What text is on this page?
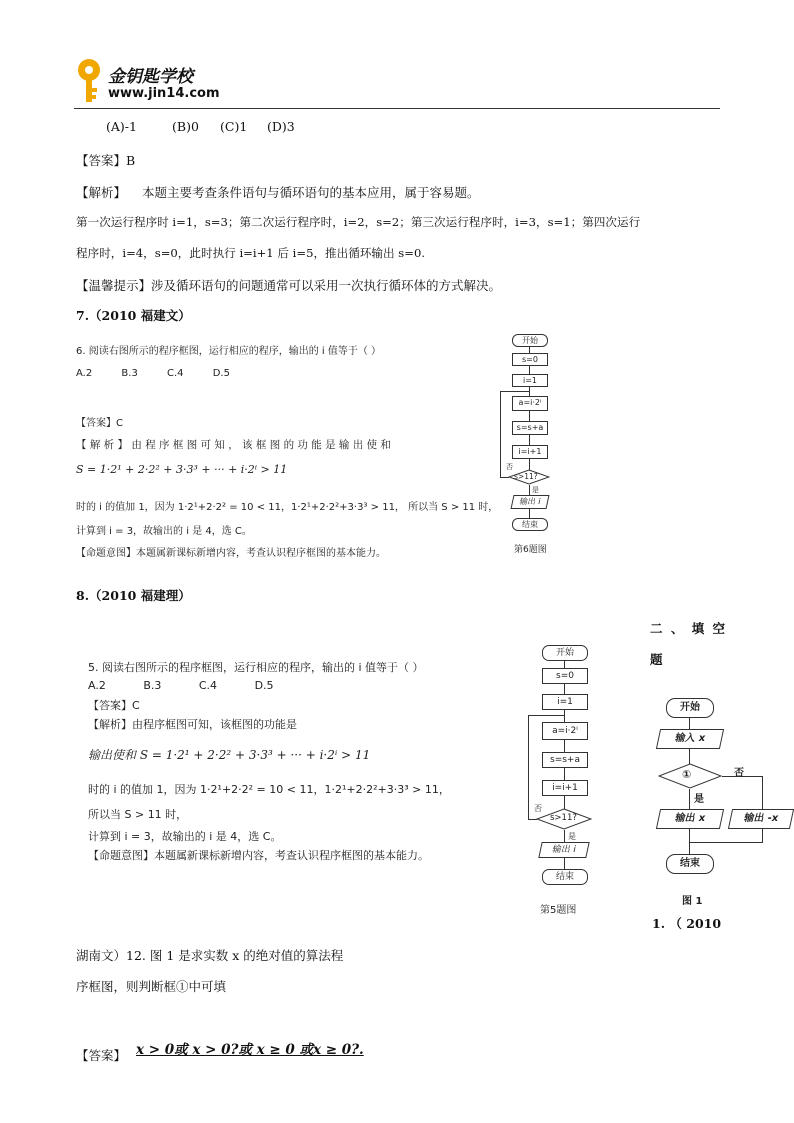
金钥匙学校
www.jin14.com
(A)-1	(B)0 (C)1 (D)3
【答案】B
【解析】 本题主要考查条件语句与循环语句的基本应用，属于容易题。
第一次运行程序时 i=1，s=3；第二次运行程序时，i=2，s=2；第三次运行程序时，i=3，s=1；第四次运行
程序时，i=4，s=0，此时执行 i=i+1 后 i=5，推出循环输出 s=0.
【温馨提示】涉及循环语句的问题通常可以采用一次执行循环体的方式解决。
7.（2010 福建文）
6. 阅读右图所示的程序框图，运行相应的程序，输出的 i 值等于（ ）
A.2	B.3	C.4	D.5
【答案】C
【 解 析 】 由 程 序 框 图 可 知 ， 该 框 图 的 功 能 是 输 出 使 和
S = 1·2¹ + 2·2² + 3·3³ + ··· + i·2ⁱ > 11
时的 i 的值加 1，因为 1·2¹+2·2² = 10 < 11，1·2¹+2·2²+3·3³ > 11， 所以当 S > 11 时，
计算到 i = 3，故输出的 i 是 4，选 C。
【命题意图】本题属新课标新增内容，考查认识程序框图的基本能力。
开始
s=0
i=1
a=i·2ⁱ
s=s+a
i=i+1
s>11?
否
是
输出 i
结束
第6题图
8.（2010 福建理）
5. 阅读右图所示的程序框图，运行相应的程序，输出的 i 值等于（ ）
A.2	B.3	C.4	D.5
【答案】C
【解析】由程序框图可知，该框图的功能是
输出使和 S = 1·2¹ + 2·2² + 3·3³ + ··· + i·2ⁱ > 11
时的 i 的值加 1，因为 1·2¹+2·2² = 10 < 11，1·2¹+2·2²+3·3³ > 11，
所以当 S > 11 时，
计算到 i = 3，故输出的 i 是 4，选 C。
【命题意图】本题属新课标新增内容，考查认识程序框图的基本能力。
开始
s=0
i=1
a=i·2ⁱ
s=s+a
i=i+1
s>11?
否
是
输出 i
结束
第5题图
二 、 填 空
题
开始
输入 x
①	否
是
输出 x	输出 -x
结束
图 1
1. （ 2010
湖南文）12. 图 1 是求实数 x 的绝对值的算法程
序框图，则判断框①中可填
【答案】 x > 0或 x > 0?或 x ≥ 0 或x ≥ 0?.
